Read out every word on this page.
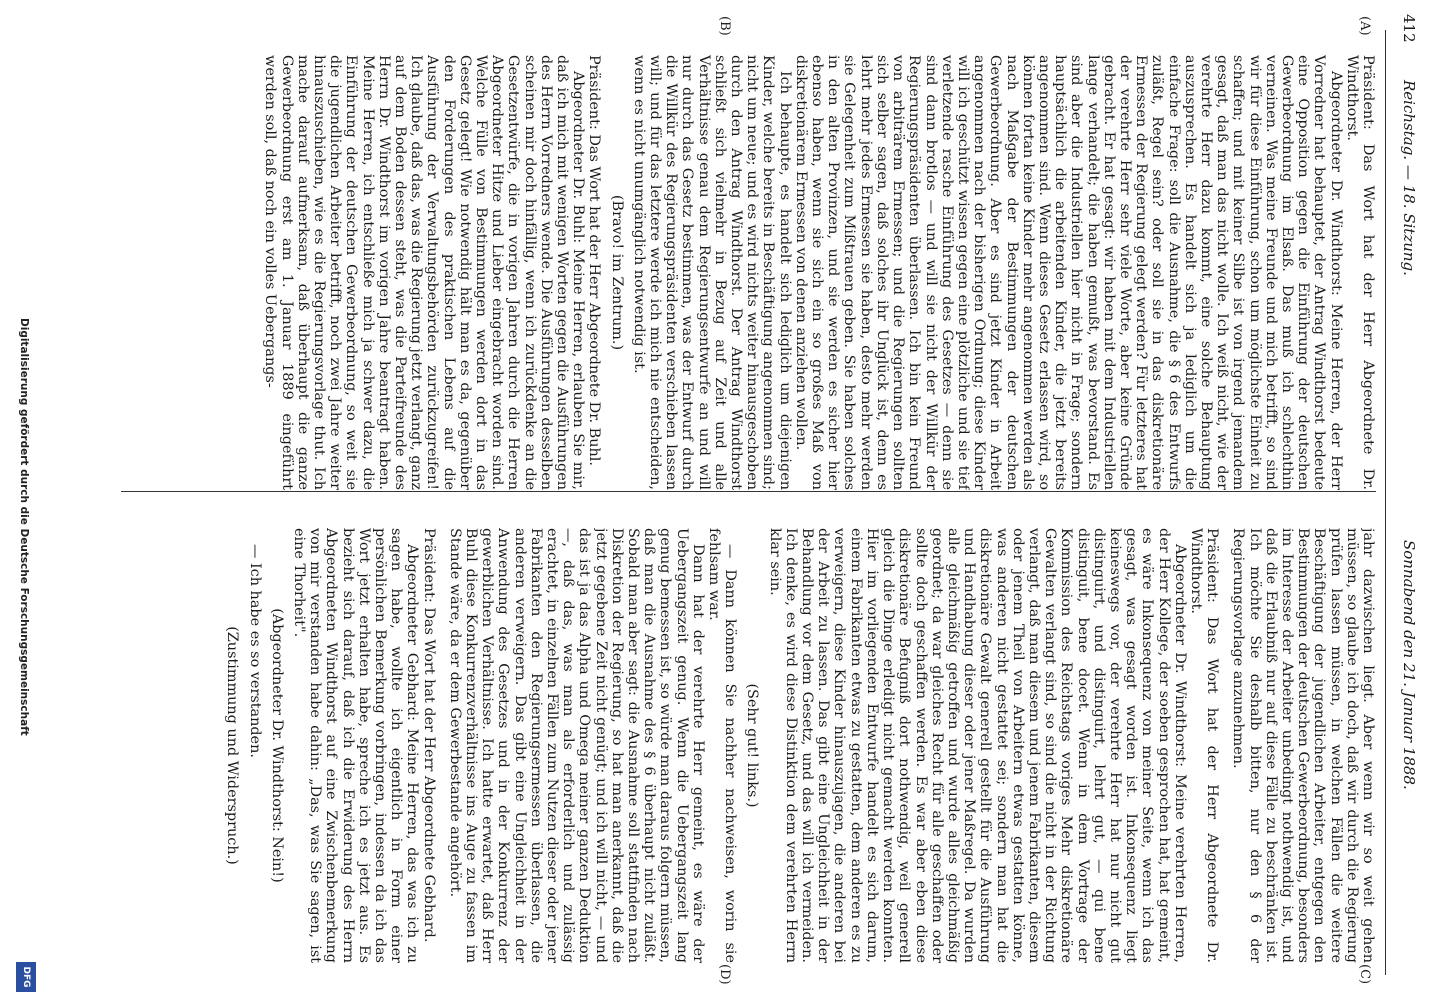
412
Reichstag. — 18. Sitzung.
Sonnabend den 21. Januar 1888.
(A)
(B)
(C)
(D)

Präsident: Das Wort hat der Herr Abgeordnete Dr. Windthorst.

Abgeordneter Dr. Windthorst: Meine Herren, der Herr Vorredner hat behauptet, der Antrag Windthorst bedeute eine Opposition gegen die Einführung der deutschen Gewerbeordnung im Elsaß. Das muß ich schlechthin verneinen. Was meine Freunde und mich betrifft, so sind wir für diese Einführung, schon um möglichste Einheit zu schaffen; und mit keiner Silbe ist von irgend jemandem gesagt, daß man das nicht wolle. Ich weiß nicht, wie der verehrte Herr dazu kommt, eine solche Behauptung auszusprechen. Es handelt sich ja lediglich um die einfache Frage: soll die Ausnahme, die § 6 des Entwurfs zuläßt, Regel sein? oder soll sie in das diskretionäre Ermessen der Regierung gelegt werden? Für letzteres hat der verehrte Herr sehr viele Worte, aber keine Gründe gebracht. Er hat gesagt: wir haben mit dem Industriellen lange verhandelt; die haben gemußt, was bevorstand. Es sind aber die Industriellen hier nicht in Frage; sondern hauptsächlich die arbeitenden Kinder, die jetzt bereits angenommen sind. Wenn dieses Gesetz erlassen wird, so können fortan keine Kinder mehr angenommen werden als nach Maßgabe der Bestimmungen der deutschen Gewerbeordnung. Aber es sind jetzt Kinder in Arbeit angenommen nach der bisherigen Ordnung; diese Kinder will ich geschützt wissen gegen eine plötzliche und sie tief verletzende rasche Einführung des Gesetzes — denn sie sind dann brotlos — und will sie nicht der Willkür der Regierungspräsidenten überlassen. Ich bin kein Freund von arbiträrem Ermessen; und die Regierungen sollten sich selber sagen, daß solches ihr Unglück ist, denn es lehrt mehr jedes Ermessen sie haben, desto mehr werden sie Gelegenheit zum Mißtrauen geben. Sie haben solches in den alten Provinzen, und sie werden es sicher hier ebenso haben, wenn sie sich ein so großes Maß von diskretionärem Ermessen von denen anziehen wollen.

Ich behaupte, es handelt sich lediglich um diejenigen Kinder, welche bereits in Beschäftigung angenommen sind; nicht um neue; und es wird nichts weiter hinausgeschoben durch den Antrag Windthorst. Der Antrag Windthorst schließt sich vielmehr in Bezug auf Zeit und alle Verhältnisse genau dem Regierungsentwurfe an und will nur durch das Gesetz bestimmen, was der Entwurf durch die Willkür des Regierungspräsidenten verschieben lassen will; und für das letztere werde ich mich nie entscheiden, wenn es nicht unumgänglich notwendig ist.

(Bravo! im Zentrum.)

Präsident: Das Wort hat der Herr Abgeordnete Dr. Buhl.

Abgeordneter Dr. Buhl: Meine Herren, erlauben Sie mir, daß ich mich mit wenigen Worten gegen die Ausführungen des Herrn Vorredners wende. Die Ausführungen desselben scheinen mir doch hinfällig, wenn ich zurückdenke an die Gesetzentwürfe, die in vorigen Jahren durch die Herren Abgeordneter Hitze und Lieber eingebracht worden sind. Welche Fülle von Bestimmungen werden dort in das Gesetz gelegt! Wie notwendig hält man es da, gegenüber den Forderungen des praktischen Lebens auf die Ausführung der Verwaltungsbehörden zurückzugreifen! Ich glaube, daß das, was die Regierung jetzt verlangt, ganz auf dem Boden dessen steht, was die Parteifreunde des Herrn Dr. Windthorst im vorigen Jahre beantragt haben. Meine Herren, ich entschließe mich ja schwer dazu, die Einführung der deutschen Gewerbeordnung, so weit sie die jugendlichen Arbeiter betrifft, noch zwei Jahre weiter hinauszuschieben, wie es die Regierungsvorlage thut. Ich mache darauf aufmerksam, daß überhaupt die ganze Gewerbeordnung erst am 1. Januar 1889 eingeführt werden soll, daß noch ein volles Uebergangs-

jahr dazwischen liegt. Aber wenn wir so weit gehen müssen, so glaube ich doch, daß wir durch die Regierung prüfen lassen müssen, in welchen Fällen die weitere Beschäftigung der jugendlichen Arbeiter, entgegen den Bestimmungen der deutschen Gewerbeordnung, besonders im Interesse der Arbeiter unbedingt nothwendig ist, und daß die Erlaubniß nur auf diese Fälle zu beschränken ist. Ich möchte Sie deshalb bitten, nur den § 6 der Regierungsvorlage anzunehmen.

Präsident: Das Wort hat der Herr Abgeordnete Dr. Windthorst.

Abgeordneter Dr. Windthorst: Meine verehrten Herren, der Herr Kollege, der soeben gesprochen hat, hat gemeint, es wäre Inkonsequenz von meiner Seite, wenn ich das gesagt, was gesagt worden ist. Inkonsequenz liegt keineswegs vor, der verehrte Herr hat nur nicht gut distinguirt, und distinguirt, lehrt gut, — qui bene distinguit, bene docet. Wenn in dem Vortrage der Kommission des Reichstags voriges Mehr diskretionäre Gewalten verlangt sind, so sind die nicht in der Richtung verlangt, daß man diesem und jenem Fabrikanten, diesem oder jenem Theil von Arbeitern etwas gestatten könne, was anderen nicht gestattet sei; sondern man hat die diskretionäre Gewalt generell gestellt für die Ausführung und Handhabung dieser oder jener Maßregel. Da wurden alle gleichmäßig getroffen und wurde alles gleichmäßig geordnet; da war gleiches Recht für alle geschaffen oder sollte doch geschaffen werden. Es war aber eben diese diskretionäre Befugniß dort nothwendig, weil generell gleich die Dinge erledigt nicht gemacht werden konnten. Hier im vorliegenden Entwurfe handelt es sich darum, einem Fabrikanten etwas zu gestatten, dem anderen es zu verweigern, diese Kinder hinauszujagen, die anderen bei der Arbeit zu lassen. Das gibt eine Ungleichheit in der Behandlung vor dem Gesetz, und das will ich vermeiden. Ich denke, es wird diese Distinktion dem verehrten Herrn klar sein.

(Sehr gut! links.)

— Dann können Sie nachher nachweisen, worin sie fehlsam war.

Dann hat der verehrte Herr gemeint, es wäre der Uebergangszeit genug. Wenn die Uebergangszeit lang genug bemessen ist, so würde man daraus folgern müssen, daß man die Ausnahme des § 6 überhaupt nicht zuläßt. Sobald man aber sagt: die Ausnahme soll stattfinden nach Diskretion der Regierung, so hat man anerkannt, daß die jetzt gegebene Zeit nicht genügt; und ich will nicht, — und das ist ja das Alpha und Omega meiner ganzen Deduktion —, daß das, was man als erforderlich und zulässig erachtet, in einzelnen Fällen zum Nutzen dieser oder jener Fabrikanten den Regierungsermessen überlassen, die anderen verweigern. Das gibt eine Ungleichheit in der Anwendung des Gesetzes und in der Konkurrenz der gewerblichen Verhältnisse. Ich hatte erwartet, daß Herr Buhl diese Konkurrenzverhältnisse ins Auge zu fassen im Stande wäre, da er dem Gewerbestande angehört.

Präsident: Das Wort hat der Herr Abgeordnete Gebhard.

Abgeordneter Gebhard: Meine Herren, das was ich zu sagen habe, wollte ich eigentlich in Form einer persönlichen Bemerkung vorbringen, indessen da ich das Wort jetzt erhalten habe, spreche ich es jetzt aus. Es bezieht sich darauf, daß ich die Erwiderung des Herrn Abgeordneten Windthorst auf eine Zwischenbemerkung von mir verstanden habe dahin: „Das, was Sie sagen, ist eine Thorheit".

(Abgeordneter Dr. Windthorst: Nein!)

— Ich habe es so verstanden.

(Zustimmung und Widerspruch.)

Digitalisierung gefördert durch die Deutsche Forschungsgemeinschaft
DFG
